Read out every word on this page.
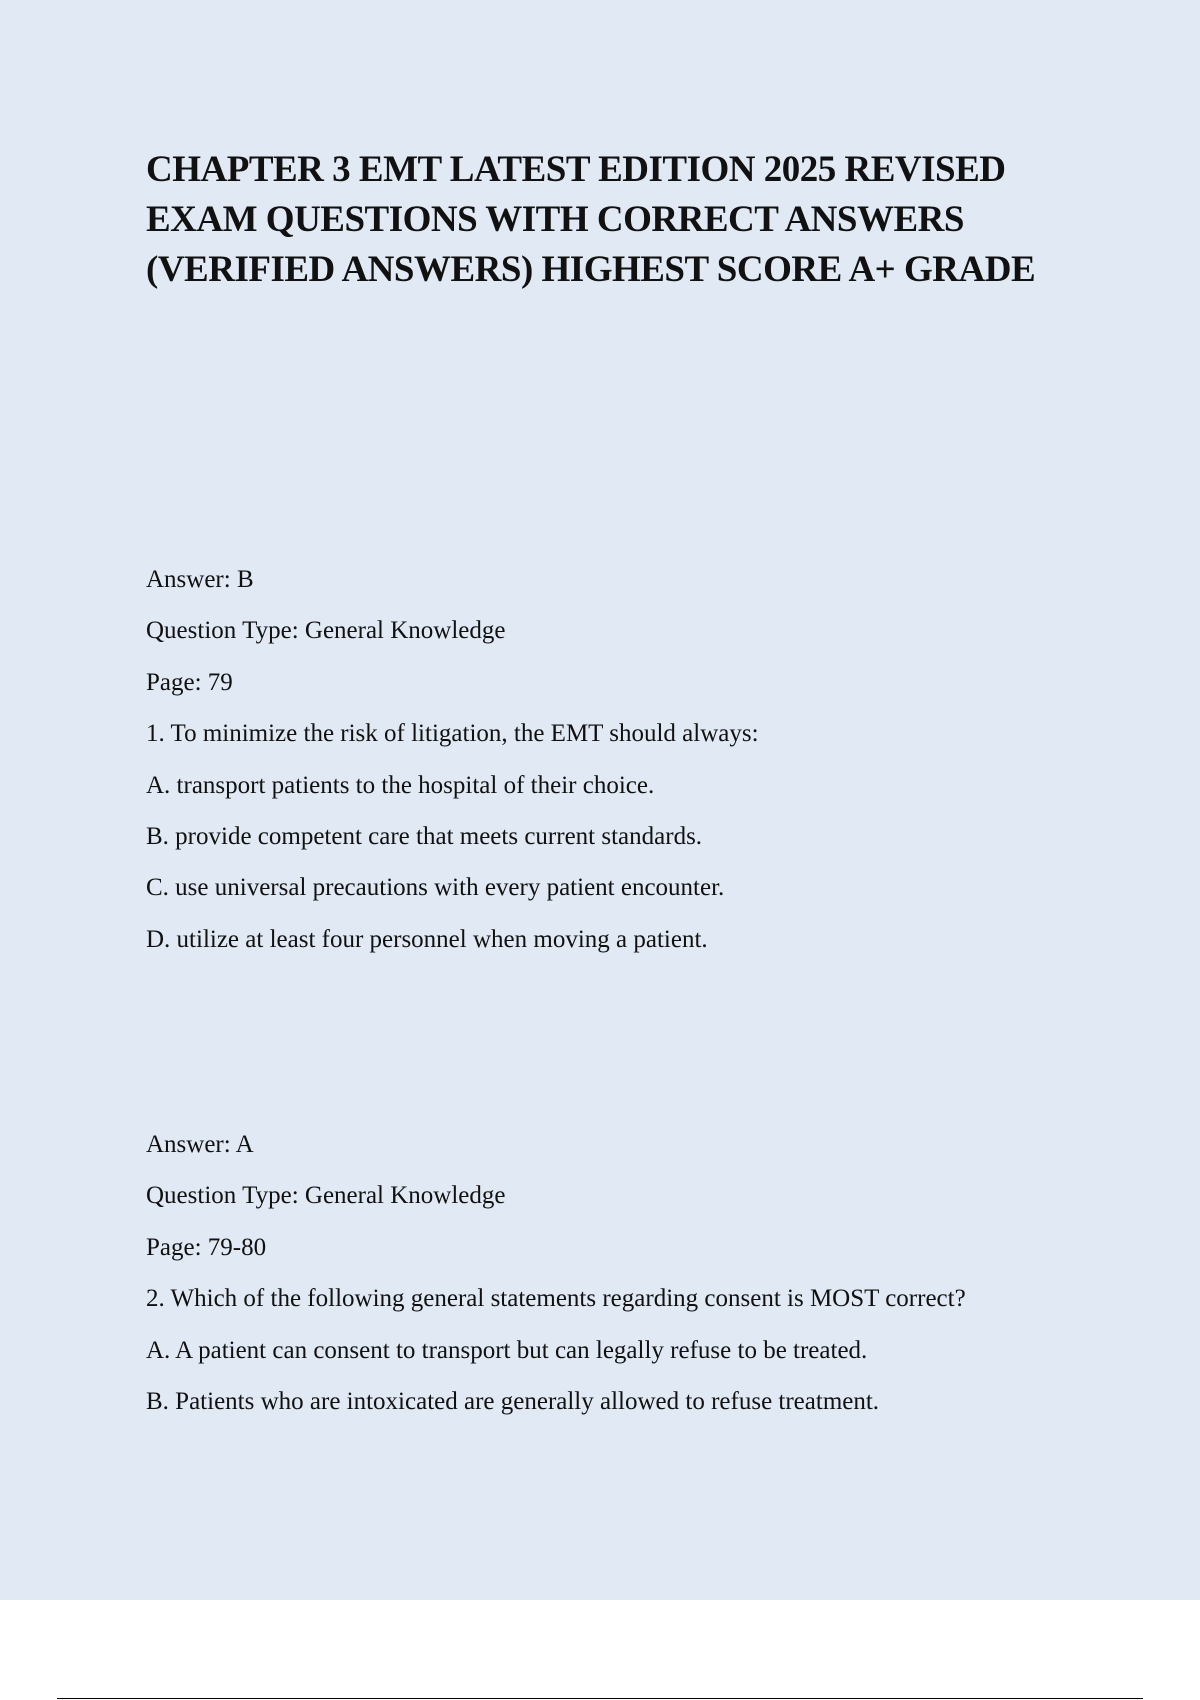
CHAPTER 3 EMT LATEST EDITION 2025 REVISED EXAM QUESTIONS WITH CORRECT ANSWERS (VERIFIED ANSWERS) HIGHEST SCORE A+ GRADE
Answer: B
Question Type: General Knowledge
Page: 79
1. To minimize the risk of litigation, the EMT should always:
A. transport patients to the hospital of their choice.
B. provide competent care that meets current standards.
C. use universal precautions with every patient encounter.
D. utilize at least four personnel when moving a patient.
Answer: A
Question Type: General Knowledge
Page: 79-80
2. Which of the following general statements regarding consent is MOST correct?
A. A patient can consent to transport but can legally refuse to be treated.
B. Patients who are intoxicated are generally allowed to refuse treatment.
